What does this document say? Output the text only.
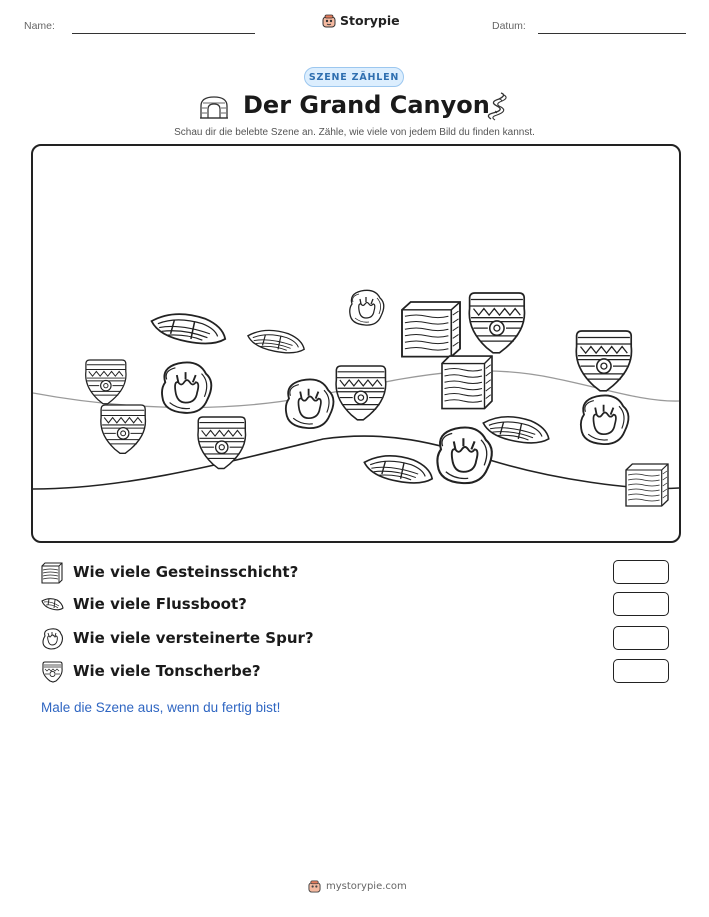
Name:	Storypie	Datum:
SZENE ZÄHLEN
Der Grand Canyon
Schau dir die belebte Szene an. Zähle, wie viele von jedem Bild du finden kannst.
Wie viele Gesteinsschicht?
Wie viele Flussboot?
Wie viele versteinerte Spur?
Wie viele Tonscherbe?
Male die Szene aus, wenn du fertig bist!
mystorypie.com
